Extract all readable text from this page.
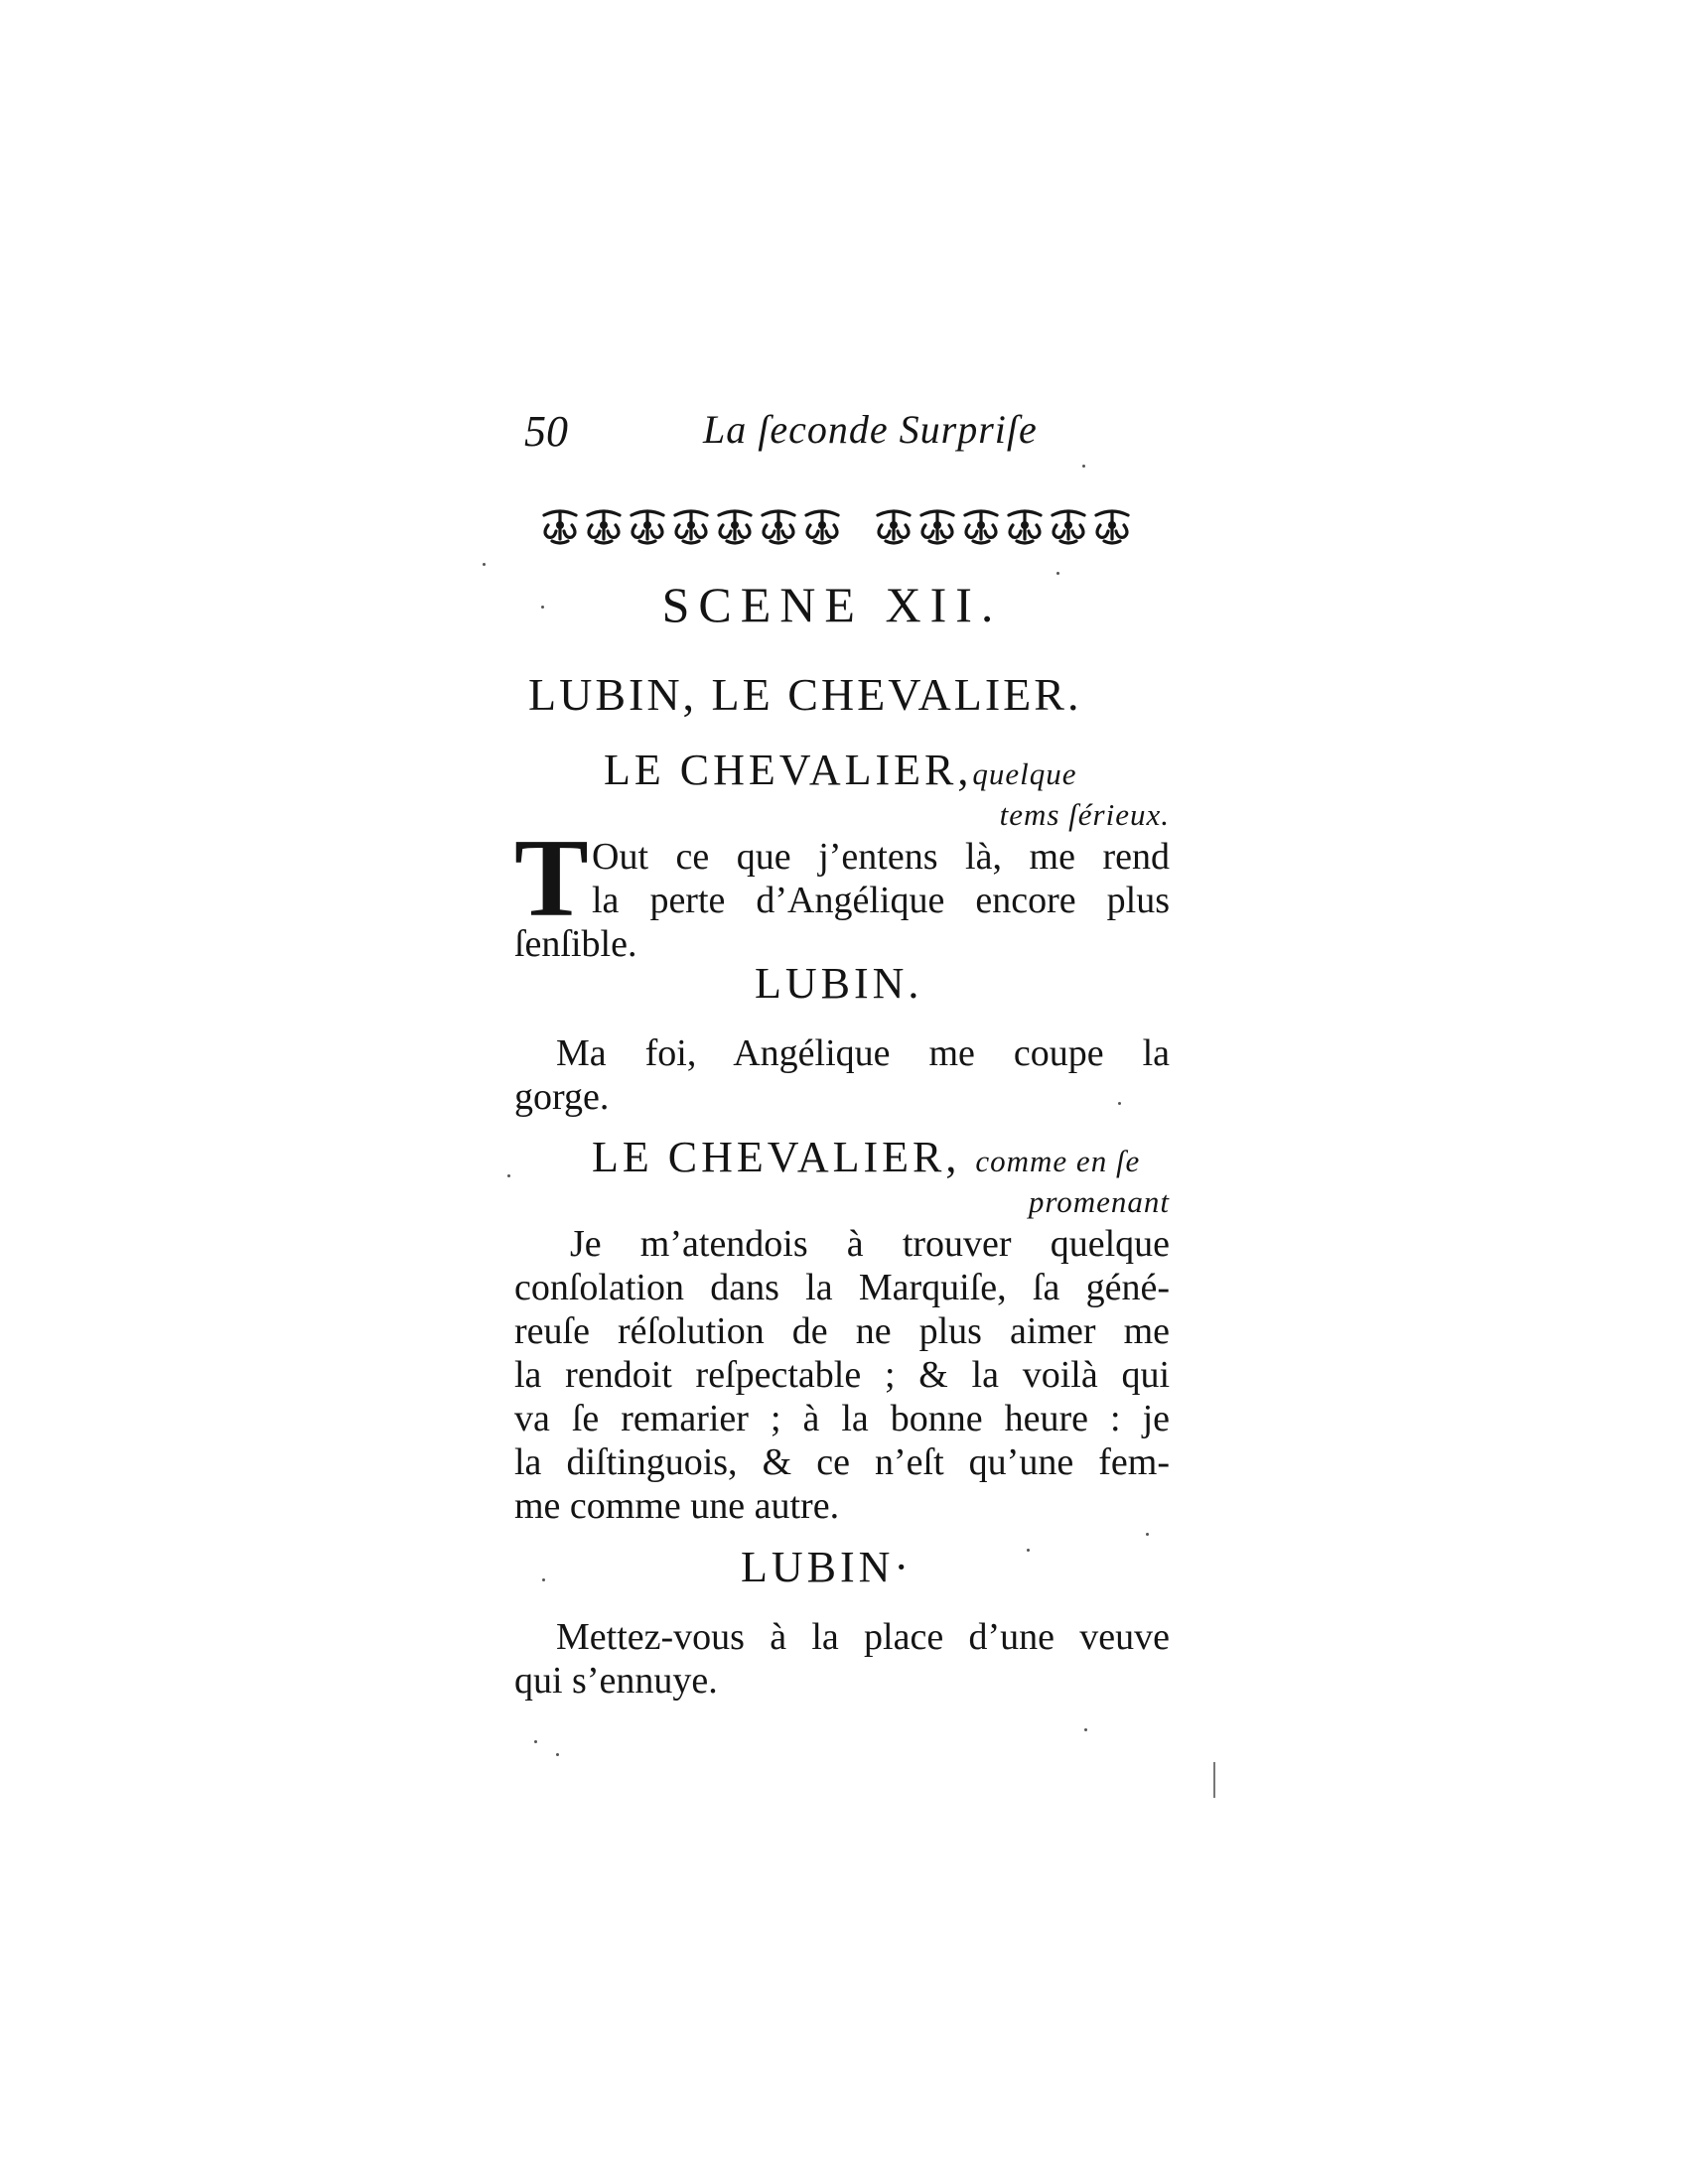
50	La ſeconde Surpriſe
SCENE XII.
LUBIN, LE CHEVALIER.
LE CHEVALIER,quelque
tems ſérieux.
T Out ce que j’entens là, me rend
la perte d’Angélique encore plus
ſenſible.
LUBIN.
Ma foi, Angélique me coupe la
gorge.
LE CHEVALIER, comme en ſe
promenant
Je m’atendois à trouver quelque
conſolation dans la Marquiſe, ſa géné-
reuſe réſolution de ne plus aimer me
la rendoit reſpectable ; & la voilà qui
va ſe remarier ; à la bonne heure : je
la diſtinguois, & ce n’eſt qu’une fem-
me comme une autre.
LUBIN·
Mettez-vous à la place d’une veuve
qui s’ennuye.
